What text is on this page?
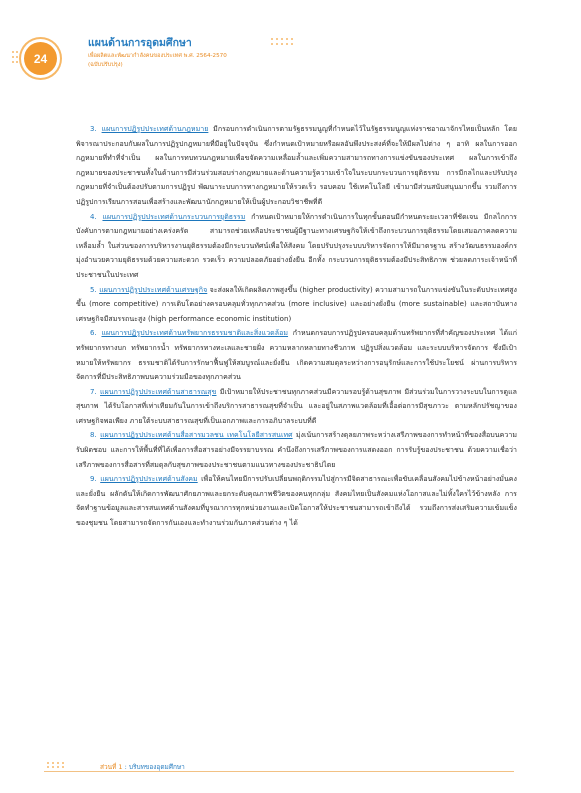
24
แผนด้านการอุดมศึกษา
เพื่อผลิตและพัฒนากำลังคนของประเทศ พ.ศ. 2564-2570
(ฉบับปรับปรุง)

3. แผนการปฏิรูปประเทศด้านกฎหมาย มีกรอบการดำเนินการตามรัฐธรรมนูญที่กำหนดไว้ในรัฐธรรมนูญแห่งราชอาณาจักรไทยเป็นหลัก โดยพิจารณาประกอบกับผลในการปฏิรูปกฎหมายที่มีอยู่ในปัจจุบัน ซึ่งกำหนดเป้าหมายหรือผลอันพึงประสงค์ที่จะให้มีผลไปต่าง ๆ อาทิ ผลในการออกกฎหมายที่ทำที่จำเป็น ผลในการทบทวนกฎหมายเพื่อขจัดความเหลื่อมล้ำและเพิ่มความสามารถทางการแข่งขันของประเทศ ผลในการเข้าถึงกฎหมายของประชาชนทั้งในด้านการมีส่วนร่วมสอบร่างกฎหมายและด้านความรู้ความเข้าใจในระบบกระบวนการยุติธรรม การมีกลไกและปรับปรุงกฎหมายที่จำเป็นต้องปรับตามการปฏิรูป พัฒนาระบบการทางกฎหมายให้รวดเร็ว รอบคอบ ใช้เทคโนโลยี เข้ามามีส่วนสนับสนุนมากขึ้น รวมถึงการปฏิรูปการเรียนการสอนเพื่อสร้างและพัฒนานักกฎหมายให้เป็นผู้ประกอบวิชาชีพที่ดี

4. แผนการปฏิรูปประเทศด้านกระบวนการยุติธรรม กำหนดเป้าหมายให้การดำเนินการในทุกขั้นตอนมีกำหนดระยะเวลาที่ชัดเจน มีกลไกการบังคับการตามกฎหมายอย่างเคร่งครัด สามารถช่วยเหลือประชาชนผู้มีฐานะทางเศรษฐกิจให้เข้าถึงกระบวนการยุติธรรมโดยเสมอภาคลดความเหลื่อมล้ำ ในส่วนของการบริหารงานยุติธรรมต้องมีกระบวนทัศน์เพื่อให้สังคม โดยปรับปรุงระบบบริหารจัดการให้มีมาตรฐาน สร้างวัฒนธรรมองค์กร มุ่งอำนวยความยุติธรรมด้วยความสะดวก รวดเร็ว ความปลอดภัยอย่างยั่งยืน อีกทั้ง กระบวนการยุติธรรมต้องมีประสิทธิภาพ ช่วยลดภาระเจ้าหน้าที่ประชาชนในประเทศ

5. แผนการปฏิรูปประเทศด้านเศรษฐกิจ จะส่งผลให้เกิดผลิตภาพสูงขึ้น (higher productivity) ความสามารถในการแข่งขันในระดับประเทศสูงขึ้น (more competitive) การเติบโตอย่างครอบคลุมทั่วทุกภาคส่วน (more inclusive) และอย่างยั่งยืน (more sustainable) และสถาบันทางเศรษฐกิจมีสมรรถนะสูง (high performance economic institution)

6. แผนการปฏิรูปประเทศด้านทรัพยากรธรรมชาติและสิ่งแวดล้อม กำหนดกรอบการปฏิรูปครอบคลุมด้านทรัพยากรที่สำคัญของประเทศ ได้แก่ ทรัพยากรทางบก ทรัพยากรน้ำ ทรัพยากรทางทะเลและชายฝั่ง ความหลากหลายทางชีวภาพ ปฏิรูปสิ่งแวดล้อม และระบบบริหารจัดการ ซึ่งมีเป้าหมายให้ทรัพยากร ธรรมชาติได้รับการรักษาฟื้นฟูให้สมบูรณ์และยั่งยืน เกิดความสมดุลระหว่างการอนุรักษ์และการใช้ประโยชน์ ผ่านการบริหารจัดการที่มีประสิทธิภาพบนความร่วมมือของทุกภาคส่วน

7. แผนการปฏิรูปประเทศด้านสาธารณสุข มีเป้าหมายให้ประชาชนทุกภาคส่วนมีความรอบรู้ด้านสุขภาพ มีส่วนร่วมในการวางระบบในการดูแลสุขภาพ ได้รับโอกาสที่เท่าเทียมกันในการเข้าถึงบริการสาธารณสุขที่จำเป็น และอยู่ในสภาพแวดล้อมที่เอื้อต่อการมีสุขภาวะ ตามหลักปรัชญาของเศรษฐกิจพอเพียง ภายใต้ระบบสาธารณสุขที่เป็นเอกภาพและการอภิบาลระบบที่ดี

8. แผนการปฏิรูปประเทศด้านสื่อสารมวลชน เทคโนโลยีสารสนเทศ มุ่งเน้นการสร้างดุลยภาพระหว่างเสรีภาพของการทำหน้าที่ของสื่อบนความรับผิดชอบ และการให้พื้นที่ที่ได้เพื่อการสื่อสารอย่างมีจรรยาบรรณ คำนึงถึงการเสรีภาพของการแสดงออก การรับรู้ของประชาชน ด้วยความเชื่อว่า เสรีภาพของการสื่อสารที่สมดุลกับสุขภาพของประชาชนตามแนวทางของประชาธิปไตย

9. แผนการปฏิรูปประเทศด้านสังคม เพื่อให้คนไทยมีการปรับเปลี่ยนพฤติกรรมไปสู่การมีจิตสาธารณะเพื่อขับเคลื่อนสังคมไปข้างหน้าอย่างมั่นคงและยั่งยืน ผลักดันให้เกิดการพัฒนาศักยภาพและยกระดับคุณภาพชีวิตของคนทุกกลุ่ม สังคมไทยเป็นสังคมแห่งโอกาสและไม่ทิ้งใครไว้ข้างหลัง การจัดทำฐานข้อมูลและสารสนเทศด้านสังคมที่บูรณาการทุกหน่วยงานและเปิดโอกาสให้ประชาชนสามารถเข้าถึงได้ รวมถึงการส่งเสริมความเข้มแข็งของชุมชน โดยสามารถจัดการกันเองและทำงานร่วมกันภาคส่วนต่าง ๆ ได้

ส่วนที่ 1 : บริบทของอุดมศึกษา
